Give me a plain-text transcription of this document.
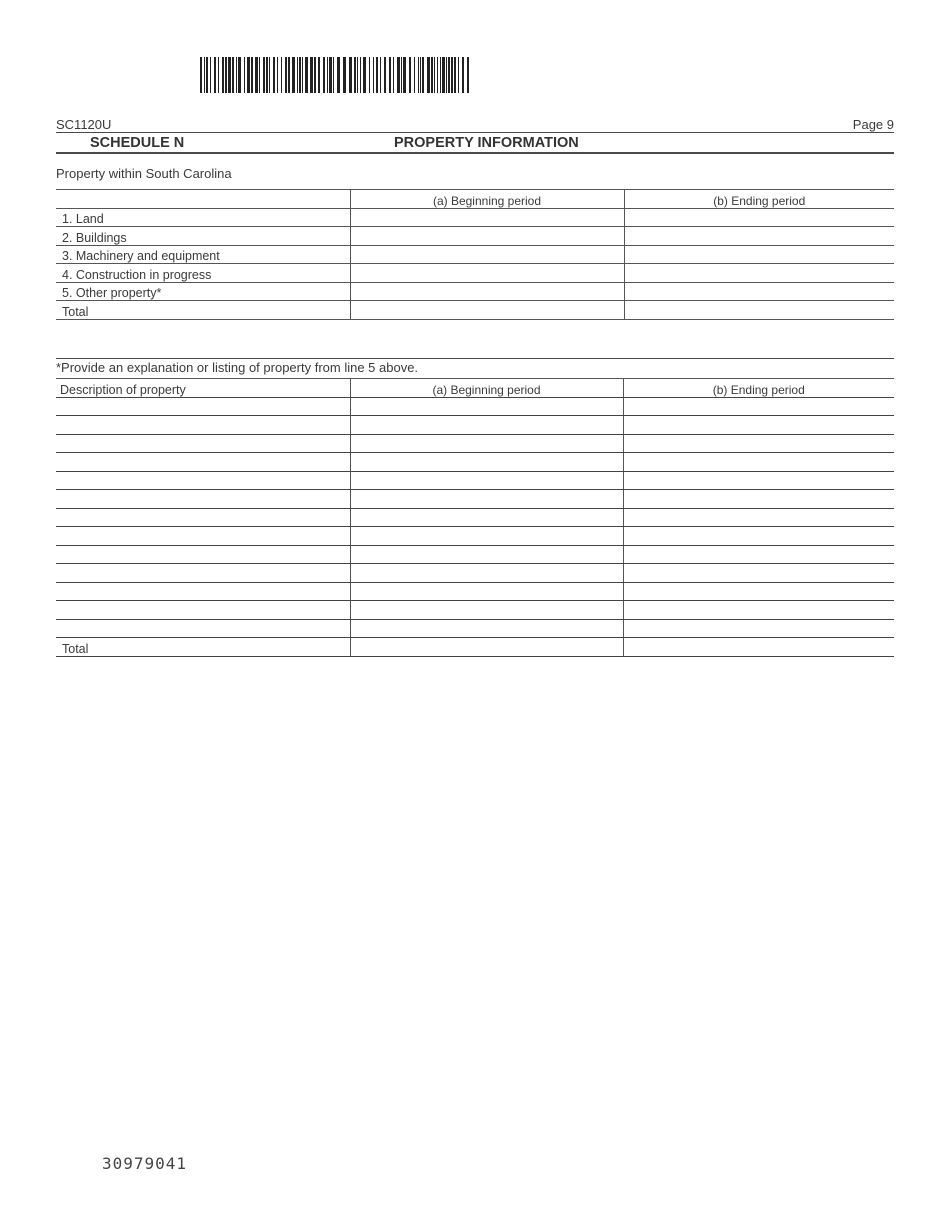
SC1120U	Page 9
SCHEDULE N	PROPERTY INFORMATION
Property within South Carolina
	(a) Beginning period	(b) Ending period
1. Land		
2. Buildings		
3. Machinery and equipment		
4. Construction in progress		
5. Other property*		
Total		
*Provide an explanation or listing of property from line 5 above.
Description of property	(a) Beginning period	(b) Ending period

Total		
30979041
